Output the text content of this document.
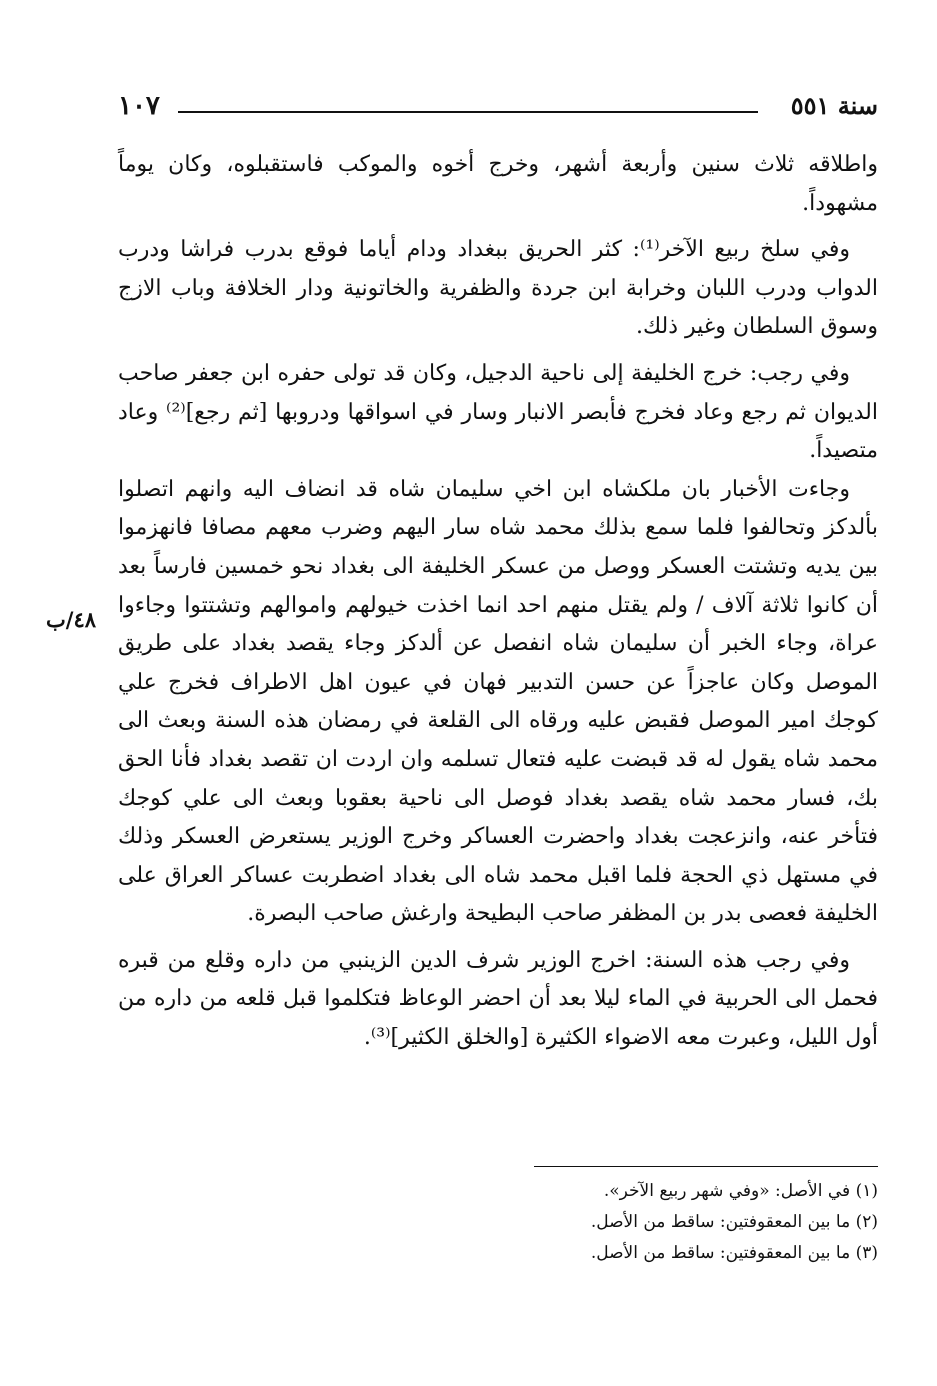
سنة ٥٥١
١٠٧

واطلاقه ثلاث سنين وأربعة أشهر، وخرج أخوه والموكب فاستقبلوه، وكان يوماً مشهوداً.

وفي سلخ ربيع الآخر⁽¹⁾: كثر الحريق ببغداد ودام أياما فوقع بدرب فراشا ودرب الدواب ودرب اللبان وخرابة ابن جردة والظفرية والخاتونية ودار الخلافة وباب الازج وسوق السلطان وغير ذلك.

وفي رجب: خرج الخليفة إلى ناحية الدجيل، وكان قد تولى حفره ابن جعفر صاحب الديوان ثم رجع وعاد فخرج فأبصر الانبار وسار في اسواقها ودروبها [ثم رجع]⁽²⁾ وعاد متصيداً.

وجاءت الأخبار بان ملكشاه ابن اخي سليمان شاه قد انضاف اليه وانهم اتصلوا بألدكز وتحالفوا فلما سمع بذلك محمد شاه سار اليهم وضرب معهم مصافا فانهزموا بين يديه وتشتت العسكر ووصل من عسكر الخليفة الى بغداد نحو خمسين فارساً بعد أن كانوا ثلاثة آلاف / ولم يقتل منهم احد انما اخذت خيولهم واموالهم وتشتتوا وجاءوا عراة، وجاء الخبر أن سليمان شاه انفصل عن ألدكز وجاء يقصد بغداد على طريق الموصل وكان عاجزاً عن حسن التدبير فهان في عيون اهل الاطراف فخرج علي كوجك امير الموصل فقبض عليه ورقاه الى القلعة في رمضان هذه السنة وبعث الى محمد شاه يقول له قد قبضت عليه فتعال تسلمه وان اردت ان تقصد بغداد فأنا الحق بك، فسار محمد شاه يقصد بغداد فوصل الى ناحية بعقوبا وبعث الى علي كوجك فتأخر عنه، وانزعجت بغداد واحضرت العساكر وخرج الوزير يستعرض العسكر وذلك في مستهل ذي الحجة فلما اقبل محمد شاه الى بغداد اضطربت عساكر العراق على الخليفة فعصى بدر بن المظفر صاحب البطيحة وارغش صاحب البصرة.

وفي رجب هذه السنة: اخرج الوزير شرف الدين الزينبي من داره وقلع من قبره فحمل الى الحربية في الماء ليلا بعد أن احضر الوعاظ فتكلموا قبل قلعه من داره من أول الليل، وعبرت معه الاضواء الكثيرة [والخلق الكثير]⁽³⁾.

٤٨/ب

(١) في الأصل: «وفي شهر ربيع الآخر».

(٢) ما بين المعقوفتين: ساقط من الأصل.

(٣) ما بين المعقوفتين: ساقط من الأصل.
